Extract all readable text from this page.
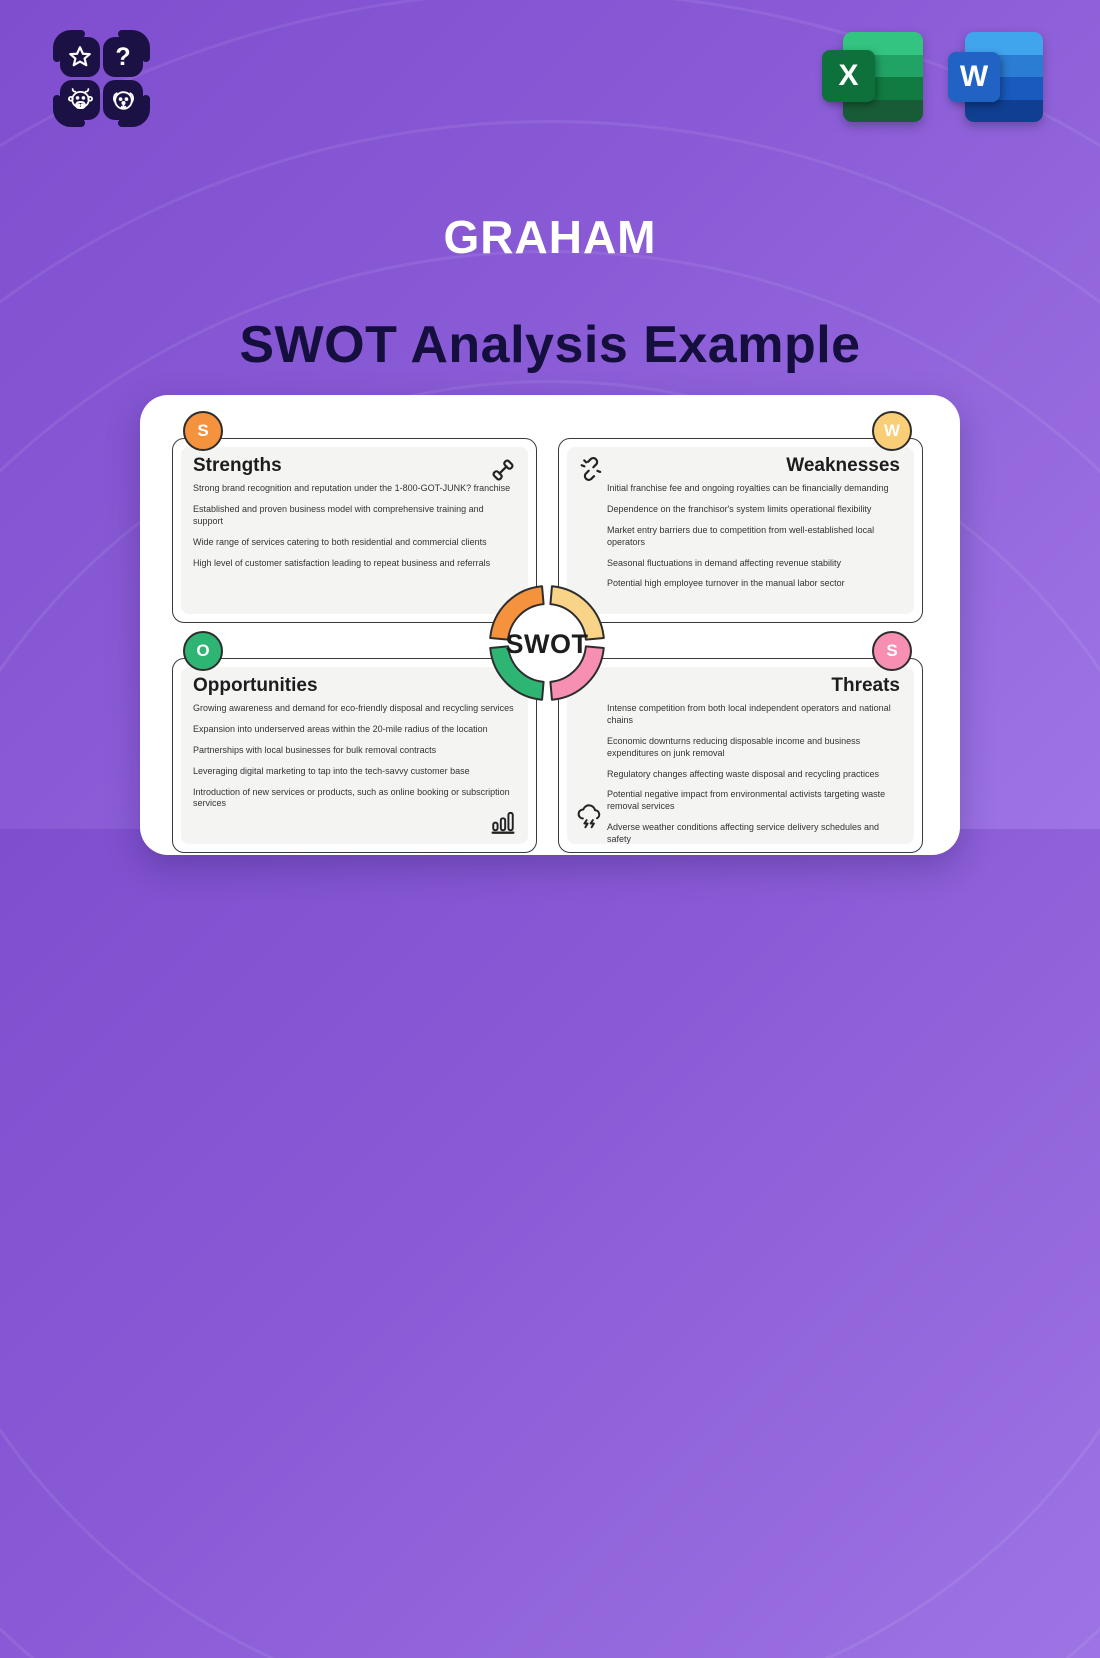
?
X	W
GRAHAM
SWOT Analysis Example
S
Strengths

Strong brand recognition and reputation under the 1-800-GOT-JUNK? franchise

Established and proven business model with comprehensive training and support

Wide range of services catering to both residential and commercial clients

High level of customer satisfaction leading to repeat business and referrals

W
Weaknesses

Initial franchise fee and ongoing royalties can be financially demanding

Dependence on the franchisor's system limits operational flexibility

Market entry barriers due to competition from well-established local operators

Seasonal fluctuations in demand affecting revenue stability

Potential high employee turnover in the manual labor sector

O
Opportunities

Growing awareness and demand for eco-friendly disposal and recycling services

Expansion into underserved areas within the 20-mile radius of the location

Partnerships with local businesses for bulk removal contracts

Leveraging digital marketing to tap into the tech-savvy customer base

Introduction of new services or products, such as online booking or subscription services

S
Threats

Intense competition from both local independent operators and national chains

Economic downturns reducing disposable income and business expenditures on junk removal

Regulatory changes affecting waste disposal and recycling practices

Potential negative impact from environmental activists targeting waste removal services

Adverse weather conditions affecting service delivery schedules and safety

SWOT
